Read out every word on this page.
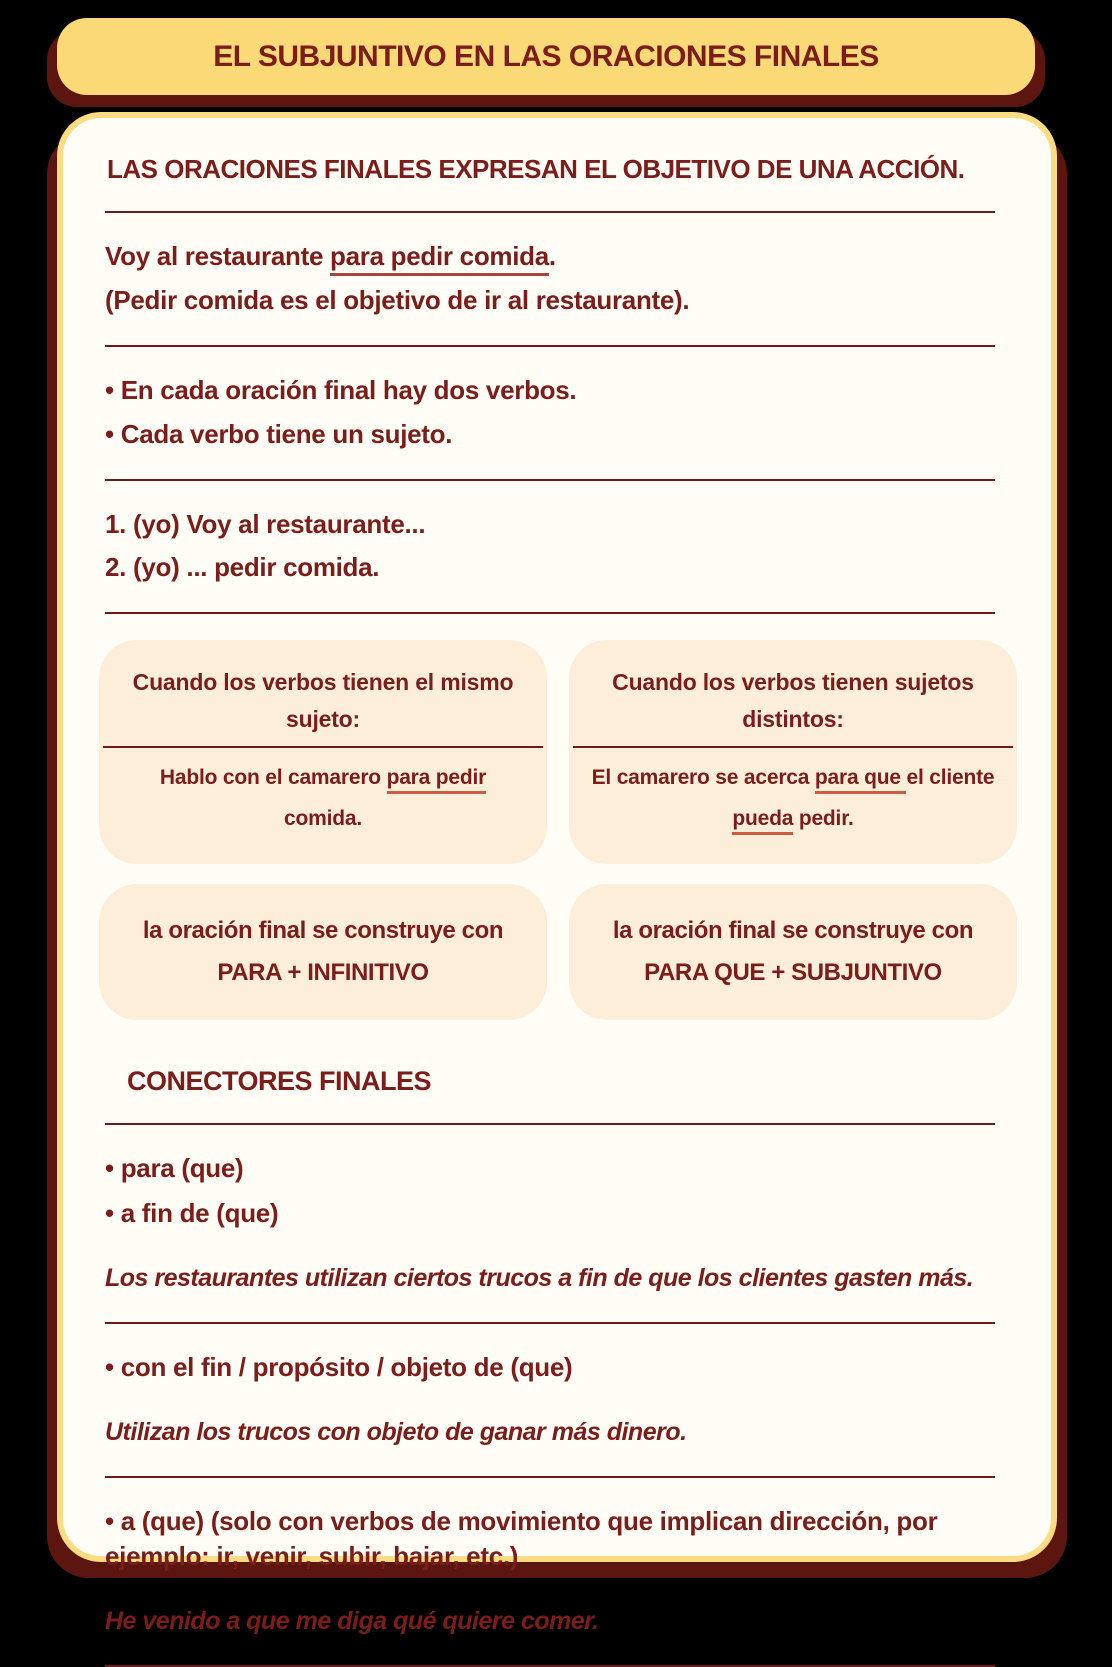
EL SUBJUNTIVO EN LAS ORACIONES FINALES
LAS ORACIONES FINALES EXPRESAN EL OBJETIVO DE UNA ACCIÓN.

Voy al restaurante para pedir comida.

(Pedir comida es el objetivo de ir al restaurante).

• En cada oración final hay dos verbos.

• Cada verbo tiene un sujeto.

1. (yo) Voy al restaurante...

2. (yo) ... pedir comida.

Cuando los verbos tienen el mismo sujeto:
Hablo con el camarero para pedir comida.
Cuando los verbos tienen sujetos distintos:
El camarero se acerca para que el cliente pueda pedir.
la oración final se construye con
PARA + INFINITIVO
la oración final se construye con
PARA QUE + SUBJUNTIVO
CONECTORES FINALES

• para (que)

• a fin de (que)

Los restaurantes utilizan ciertos trucos a fin de que los clientes gasten más.

• con el fin / propósito / objeto de (que)

Utilizan los trucos con objeto de ganar más dinero.

• a (que) (solo con verbos de movimiento que implican dirección, por ejemplo: ir, venir, subir, bajar, etc.)

He venido a que me diga qué quiere comer.
